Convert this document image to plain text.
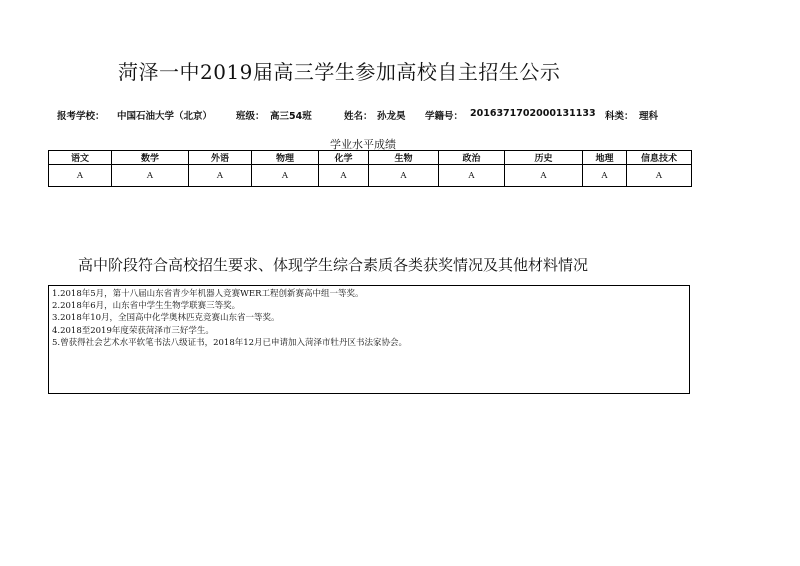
菏泽一中2019届高三学生参加高校自主招生公示
报考学校： 中国石油大学（北京）	班级： 高三54班	姓名： 孙龙昊 学籍号： 2016371702000131133 科类： 理科
学业水平成绩
语文	数学	外语	物理	化学	生物	政治	历史	地理	信息技术
A	A	A	A	A	A	A	A	A	A
高中阶段符合高校招生要求、体现学生综合素质各类获奖情况及其他材料情况
1.2018年5月，第十八届山东省青少年机器人竞赛WER工程创新赛高中组一等奖。
2.2018年6月，山东省中学生生物学联赛三等奖。
3.2018年10月，全国高中化学奥林匹克竞赛山东省一等奖。
4.2018至2019年度荣获菏泽市三好学生。
5.曾获得社会艺术水平软笔书法八级证书，2018年12月已申请加入菏泽市牡丹区书法家协会。
